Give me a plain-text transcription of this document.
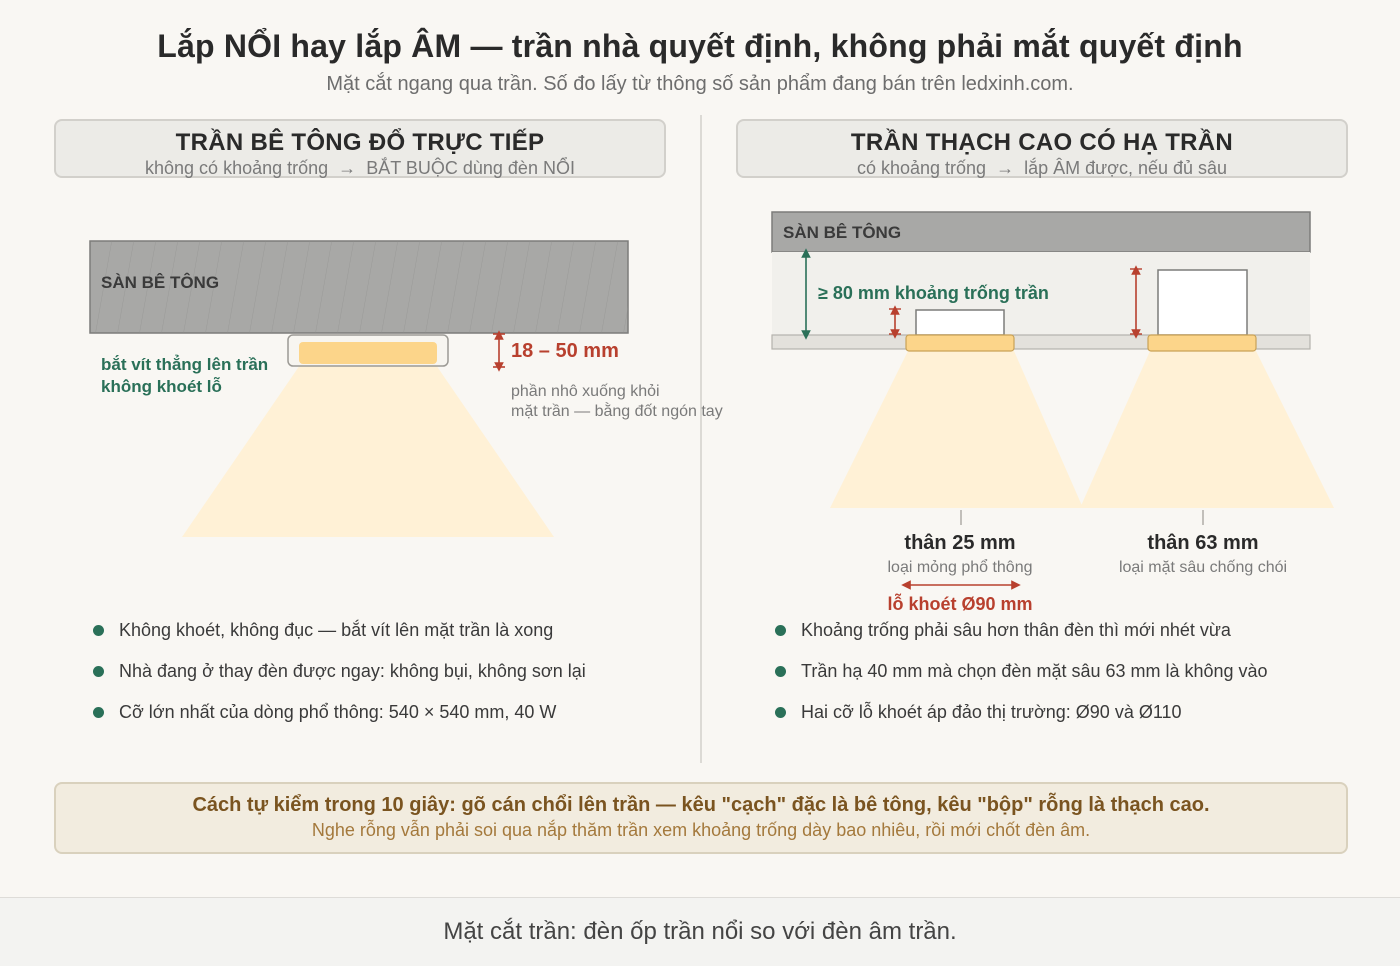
Lắp NỔI hay lắp ÂM — trần nhà quyết định, không phải mắt quyết định
Mặt cắt ngang qua trần. Số đo lấy từ thông số sản phẩm đang bán trên ledxinh.com.
TRẦN BÊ TÔNG ĐỔ TRỰC TIẾP
không có khoảng trống → BẮT BUỘC dùng đèn NỔI
TRẦN THẠCH CAO CÓ HẠ TRẦN
có khoảng trống → lắp ÂM được, nếu đủ sâu
SÀN BÊ TÔNG
bắt vít thẳng lên trần
không khoét lỗ
18 – 50 mm
phần nhô xuống khỏi
mặt trần — bằng đốt ngón tay
SÀN BÊ TÔNG
≥ 80 mm khoảng trống trần
thân 25 mm
loại mỏng phổ thông
thân 63 mm
loại mặt sâu chống chói
lỗ khoét Ø90 mm
Không khoét, không đục — bắt vít lên mặt trần là xong
Nhà đang ở thay đèn được ngay: không bụi, không sơn lại
Cỡ lớn nhất của dòng phổ thông: 540 × 540 mm, 40 W
Khoảng trống phải sâu hơn thân đèn thì mới nhét vừa
Trần hạ 40 mm mà chọn đèn mặt sâu 63 mm là không vào
Hai cỡ lỗ khoét áp đảo thị trường: Ø90 và Ø110
Cách tự kiểm trong 10 giây: gõ cán chổi lên trần — kêu "cạch" đặc là bê tông, kêu "bộp" rỗng là thạch cao.
Nghe rỗng vẫn phải soi qua nắp thăm trần xem khoảng trống dày bao nhiêu, rồi mới chốt đèn âm.
Mặt cắt trần: đèn ốp trần nổi so với đèn âm trần.
